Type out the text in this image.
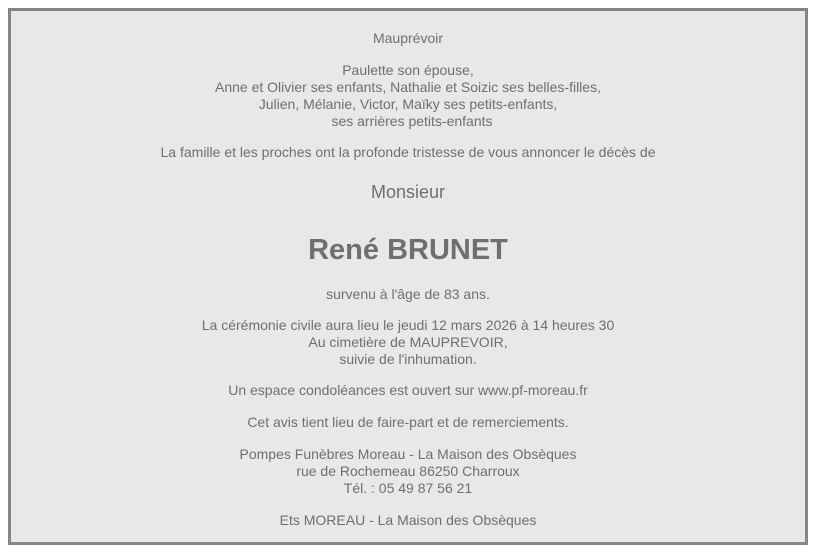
Mauprévoir
Paulette son épouse,
Anne et Olivier ses enfants, Nathalie et Soizic ses belles-filles,
Julien, Mélanie, Victor, Maïky ses petits-enfants,
ses arrières petits-enfants
La famille et les proches ont la profonde tristesse de vous annoncer le décès de
Monsieur
René BRUNET
survenu à l'âge de 83 ans.
La cérémonie civile aura lieu le jeudi 12 mars 2026 à 14 heures 30
Au cimetière de MAUPREVOIR,
suivie de l'inhumation.
Un espace condoléances est ouvert sur www.pf-moreau.fr
Cet avis tient lieu de faire-part et de remerciements.
Pompes Funèbres Moreau - La Maison des Obsèques
rue de Rochemeau 86250 Charroux
Tél. : 05 49 87 56 21
Ets MOREAU - La Maison des Obsèques
